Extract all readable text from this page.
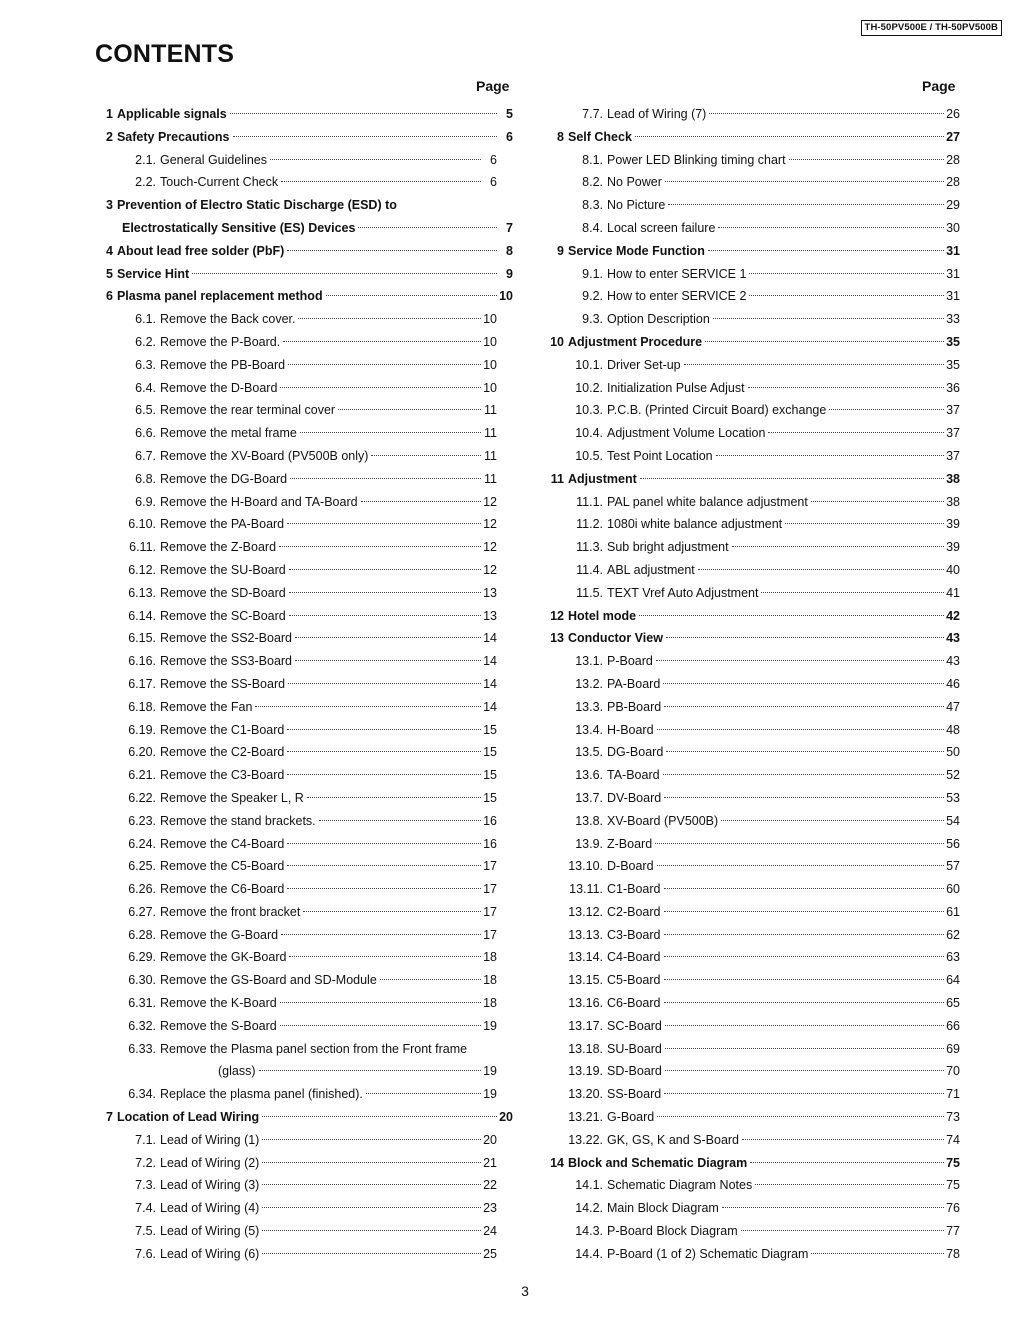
TH-50PV500E / TH-50PV500B
CONTENTS
Page	Page
1 Applicable signals	5
2 Safety Precautions	6
2.1. General Guidelines	6
2.2. Touch-Current Check	6
3 Prevention of Electro Static Discharge (ESD) to
Electrostatically Sensitive (ES) Devices	7
4 About lead free solder (PbF)	8
5 Service Hint	9
6 Plasma panel replacement method	10
6.1. Remove the Back cover.	10
6.2. Remove the P-Board.	10
6.3. Remove the PB-Board	10
6.4. Remove the D-Board	10
6.5. Remove the rear terminal cover	11
6.6. Remove the metal frame	11
6.7. Remove the XV-Board (PV500B only)	11
6.8. Remove the DG-Board	11
6.9. Remove the H-Board and TA-Board	12
6.10. Remove the PA-Board	12
6.11. Remove the Z-Board	12
6.12. Remove the SU-Board	12
6.13. Remove the SD-Board	13
6.14. Remove the SC-Board	13
6.15. Remove the SS2-Board	14
6.16. Remove the SS3-Board	14
6.17. Remove the SS-Board	14
6.18. Remove the Fan	14
6.19. Remove the C1-Board	15
6.20. Remove the C2-Board	15
6.21. Remove the C3-Board	15
6.22. Remove the Speaker L, R	15
6.23. Remove the stand brackets.	16
6.24. Remove the C4-Board	16
6.25. Remove the C5-Board	17
6.26. Remove the C6-Board	17
6.27. Remove the front bracket	17
6.28. Remove the G-Board	17
6.29. Remove the GK-Board	18
6.30. Remove the GS-Board and SD-Module	18
6.31. Remove the K-Board	18
6.32. Remove the S-Board	19
6.33. Remove the Plasma panel section from the Front frame
(glass)	19
6.34. Replace the plasma panel (finished).	19
7 Location of Lead Wiring	20
7.1. Lead of Wiring (1)	20
7.2. Lead of Wiring (2)	21
7.3. Lead of Wiring (3)	22
7.4. Lead of Wiring (4)	23
7.5. Lead of Wiring (5)	24
7.6. Lead of Wiring (6)	25
7.7. Lead of Wiring (7)	26
8 Self Check	27
8.1. Power LED Blinking timing chart	28
8.2. No Power	28
8.3. No Picture	29
8.4. Local screen failure	30
9 Service Mode Function	31
9.1. How to enter SERVICE 1	31
9.2. How to enter SERVICE 2	31
9.3. Option Description	33
10 Adjustment Procedure	35
10.1. Driver Set-up	35
10.2. Initialization Pulse Adjust	36
10.3. P.C.B. (Printed Circuit Board) exchange	37
10.4. Adjustment Volume Location	37
10.5. Test Point Location	37
11 Adjustment	38
11.1. PAL panel white balance adjustment	38
11.2. 1080i white balance adjustment	39
11.3. Sub bright adjustment	39
11.4. ABL adjustment	40
11.5. TEXT Vref Auto Adjustment	41
12 Hotel mode	42
13 Conductor View	43
13.1. P-Board	43
13.2. PA-Board	46
13.3. PB-Board	47
13.4. H-Board	48
13.5. DG-Board	50
13.6. TA-Board	52
13.7. DV-Board	53
13.8. XV-Board (PV500B)	54
13.9. Z-Board	56
13.10. D-Board	57
13.11. C1-Board	60
13.12. C2-Board	61
13.13. C3-Board	62
13.14. C4-Board	63
13.15. C5-Board	64
13.16. C6-Board	65
13.17. SC-Board	66
13.18. SU-Board	69
13.19. SD-Board	70
13.20. SS-Board	71
13.21. G-Board	73
13.22. GK, GS, K and S-Board	74
14 Block and Schematic Diagram	75
14.1. Schematic Diagram Notes	75
14.2. Main Block Diagram	76
14.3. P-Board Block Diagram	77
14.4. P-Board (1 of 2) Schematic Diagram	78
3
